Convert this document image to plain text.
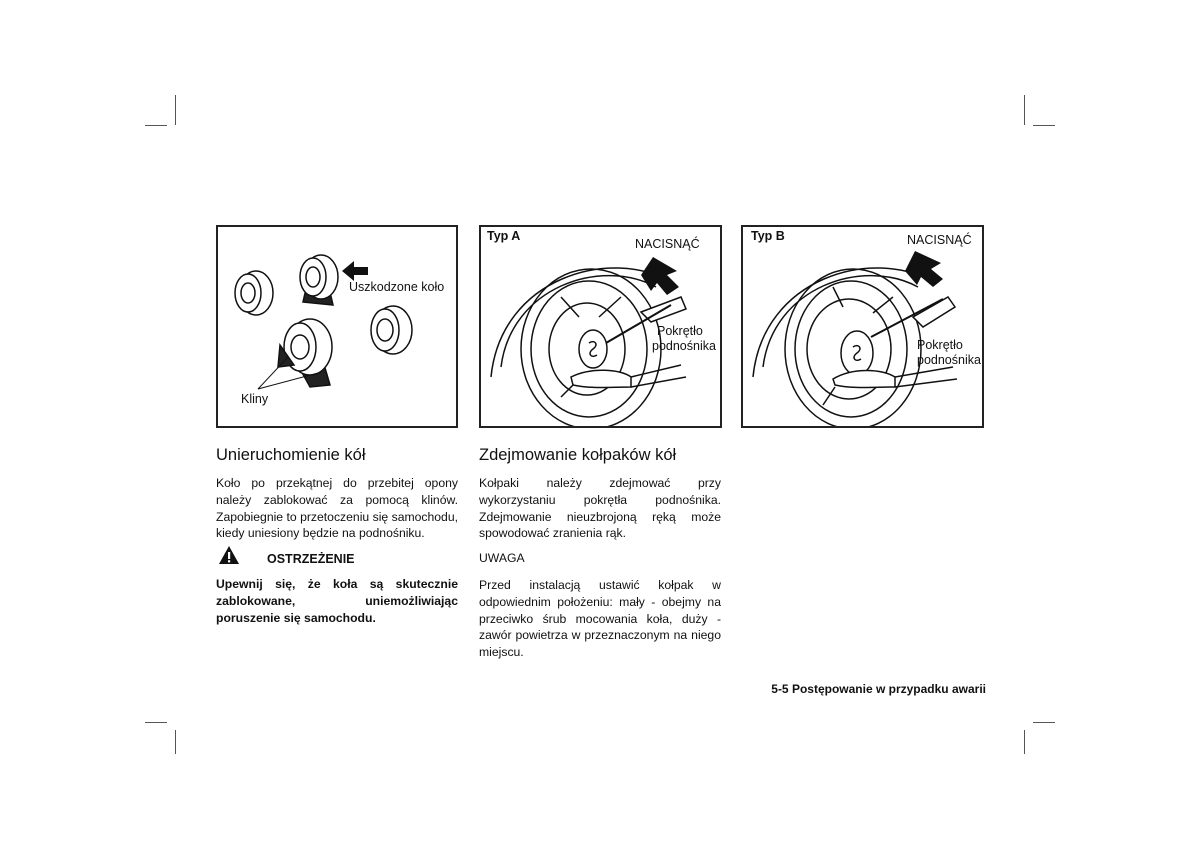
Uszkodzone koło
Kliny
Typ A
NACISNĄĆ
Pokrętło
podnośnika
Typ B	NACISNĄĆ
Pokrętło
podnośnika
Unieruchomienie kół

Koło po przekątnej do przebitej opony należy zablokować za pomocą klinów. Zapobiegnie to przetoczeniu się samochodu, kiedy uniesiony będzie na podnośniku.

OSTRZEŻENIE
Upewnij się, że koła są skutecznie zablokowane, uniemożliwiając poruszenie się samochodu.
Zdejmowanie kołpaków kół

Kołpaki należy zdejmować przy wykorzystaniu pokrętła podnośnika. Zdejmowanie nieuzbrojoną ręką może spowodować zranienia rąk.

UWAGA

Przed instalacją ustawić kołpak w odpowiednim położeniu: mały - obejmy na przeciwko śrub mocowania koła, duży - zawór powietrza w przeznaczonym na niego miejscu.

5-5 Postępowanie w przypadku awarii
